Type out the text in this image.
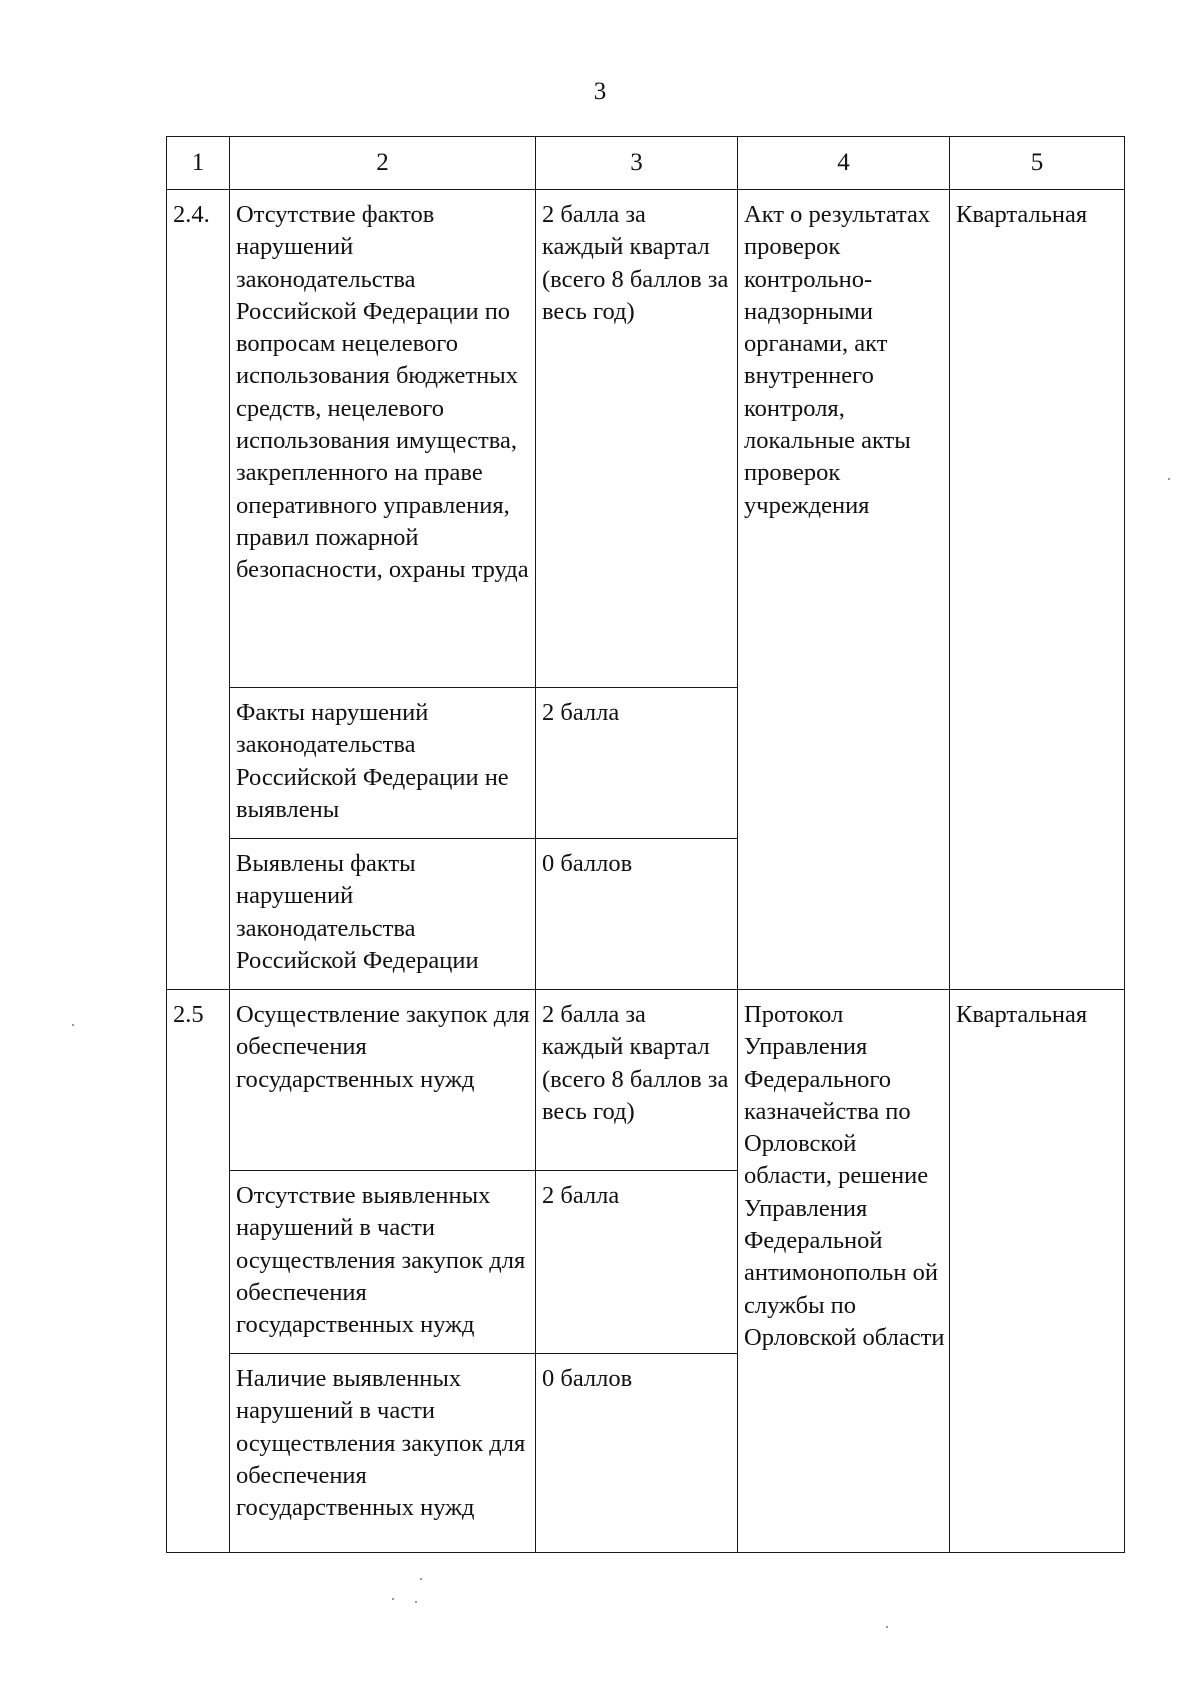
3
1	2	3	4	5
2.4.	Отсутствие фактов нарушений законодательства Российской Федерации по вопросам нецелевого использования бюджетных средств, нецелевого использования имущества, закрепленного на праве оперативного управления, правил пожарной безопасности, охраны труда	2 балла за каждый квартал (всего 8 баллов за весь год)	Акт о результатах проверок контрольно-надзорными органами, акт внутреннего контроля, локальные акты проверок учреждения	Квартальная
	Факты нарушений законодательства Российской Федерации не выявлены	2 балла		
	Выявлены факты нарушений законодательства Российской Федерации	0 баллов		
2.5	Осуществление закупок для обеспечения государственных нужд	2 балла за каждый квартал (всего 8 баллов за весь год)	Протокол Управления Федерального казначейства по Орловской области, решение Управления Федеральной антимонопольн ой службы по Орловской области	Квартальная
	Отсутствие выявленных нарушений в части осуществления закупок для обеспечения государственных нужд	2 балла		
	Наличие выявленных нарушений в части осуществления закупок для обеспечения государственных нужд	0 баллов		
